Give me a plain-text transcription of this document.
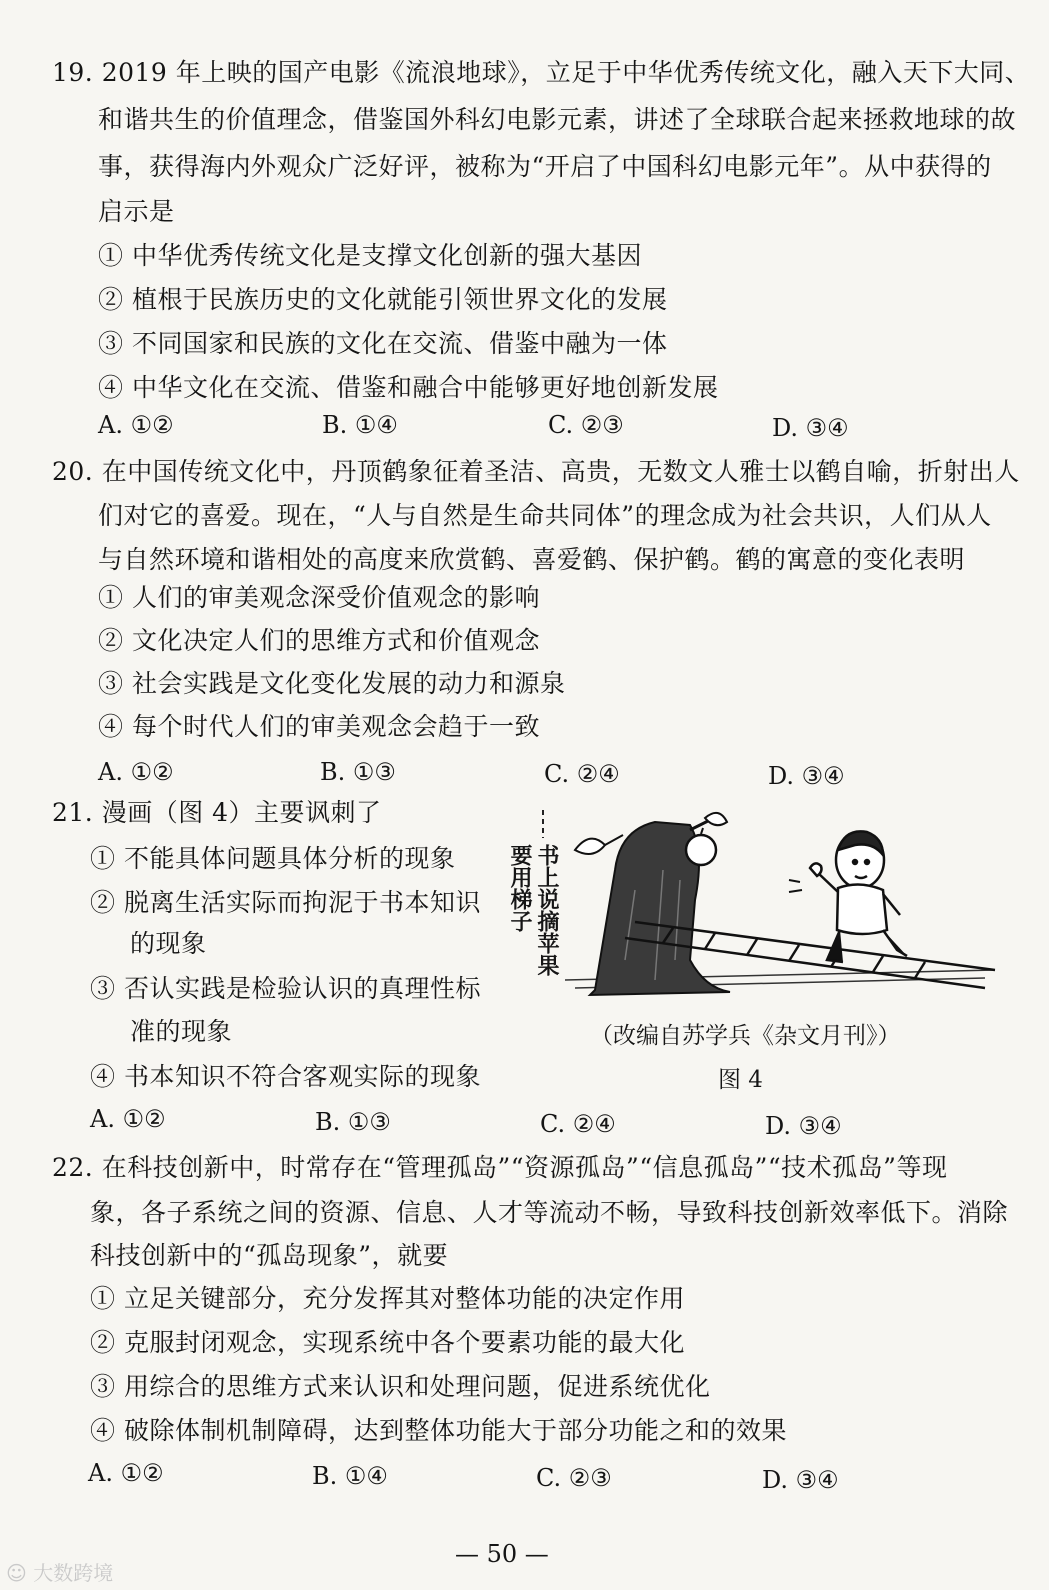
19. 2019 年上映的国产电影《流浪地球》，立足于中华优秀传统文化，融入天下大同、
和谐共生的价值理念，借鉴国外科幻电影元素，讲述了全球联合起来拯救地球的故
事，获得海内外观众广泛好评，被称为“开启了中国科幻电影元年”。从中获得的
启示是
① 中华优秀传统文化是支撑文化创新的强大基因
② 植根于民族历史的文化就能引领世界文化的发展
③ 不同国家和民族的文化在交流、借鉴中融为一体
④ 中华文化在交流、借鉴和融合中能够更好地创新发展
A. ①②	B. ①④	C. ②③	D. ③④
20. 在中国传统文化中，丹顶鹤象征着圣洁、高贵，无数文人雅士以鹤自喻，折射出人
们对它的喜爱。现在，“人与自然是生命共同体”的理念成为社会共识，人们从人
与自然环境和谐相处的高度来欣赏鹤、喜爱鹤、保护鹤。鹤的寓意的变化表明
① 人们的审美观念深受价值观念的影响
② 文化决定人们的思维方式和价值观念
③ 社会实践是文化变化发展的动力和源泉
④ 每个时代人们的审美观念会趋于一致
A. ①②	B. ①③	C. ②④	D. ③④
21. 漫画（图 4）主要讽刺了
① 不能具体问题具体分析的现象
② 脱离生活实际而拘泥于书本知识
的现象
③ 否认实践是检验认识的真理性标
准的现象
④ 书本知识不符合客观实际的现象
A. ①②	B. ①③	C. ②④	D. ③④
要用梯子 书上说摘苹果
（改编自苏学兵《杂文月刊》）
图 4
22. 在科技创新中，时常存在“管理孤岛”“资源孤岛”“信息孤岛”“技术孤岛”等现
象，各子系统之间的资源、信息、人才等流动不畅，导致科技创新效率低下。消除
科技创新中的“孤岛现象”，就要
① 立足关键部分，充分发挥其对整体功能的决定作用
② 克服封闭观念，实现系统中各个要素功能的最大化
③ 用综合的思维方式来认识和处理问题，促进系统优化
④ 破除体制机制障碍，达到整体功能大于部分功能之和的效果
A. ①②	B. ①④	C. ②③	D. ③④
— 50 —
☺ 大数跨境
